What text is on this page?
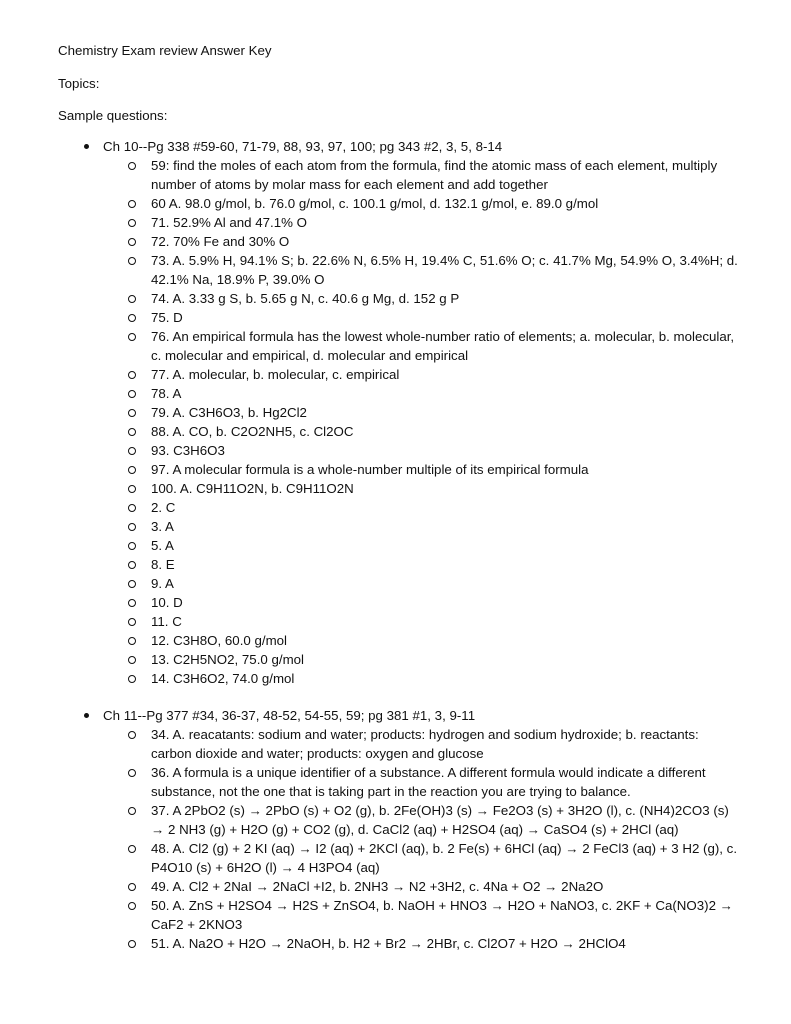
Chemistry Exam review Answer Key

Topics:

Sample questions:

Ch 10--Pg 338 #59-60, 71-79, 88, 93, 97, 100; pg 343 #2, 3, 5, 8-14
59: find the moles of each atom from the formula, find the atomic mass of each element, multiply number of atoms by molar mass for each element and add together
60 A. 98.0 g/mol, b. 76.0 g/mol, c. 100.1 g/mol, d. 132.1 g/mol, e. 89.0 g/mol
71. 52.9% Al and 47.1% O
72. 70% Fe and 30% O
73. A. 5.9% H, 94.1% S; b. 22.6% N, 6.5% H, 19.4% C, 51.6% O; c. 41.7% Mg, 54.9% O, 3.4%H; d. 42.1% Na, 18.9% P, 39.0% O
74. A. 3.33 g S, b. 5.65 g N, c. 40.6 g Mg, d. 152 g P
75. D
76. An empirical formula has the lowest whole-number ratio of elements; a. molecular, b. molecular, c. molecular and empirical, d. molecular and empirical
77. A. molecular, b. molecular, c. empirical
78. A
79. A. C3H6O3, b. Hg2Cl2
88. A. CO, b. C2O2NH5, c. Cl2OC
93. C3H6O3
97. A molecular formula is a whole-number multiple of its empirical formula
100. A. C9H11O2N, b. C9H11O2N
2. C
3. A
5. A
8. E
9. A
10. D
11. C
12. C3H8O, 60.0 g/mol
13. C2H5NO2, 75.0 g/mol
14. C3H6O2, 74.0 g/mol
Ch 11--Pg 377 #34, 36-37, 48-52, 54-55, 59; pg 381 #1, 3, 9-11
34. A. reacatants: sodium and water; products: hydrogen and sodium hydroxide; b. reactants: carbon dioxide and water; products: oxygen and glucose
36. A formula is a unique identifier of a substance. A different formula would indicate a different substance, not the one that is taking part in the reaction you are trying to balance.
37. A 2PbO2 (s) → 2PbO (s) + O2 (g), b. 2Fe(OH)3 (s) → Fe2O3 (s) + 3H2O (l), c. (NH4)2CO3 (s) → 2 NH3 (g) + H2O (g) + CO2 (g), d. CaCl2 (aq) + H2SO4 (aq) → CaSO4 (s) + 2HCl (aq)
48. A. Cl2 (g) + 2 KI (aq) → I2 (aq) + 2KCl (aq), b. 2 Fe(s) + 6HCl (aq) → 2 FeCl3 (aq) + 3 H2 (g), c. P4O10 (s) + 6H2O (l) → 4 H3PO4 (aq)
49. A. Cl2 + 2NaI → 2NaCl +I2, b. 2NH3 → N2 +3H2, c. 4Na + O2 → 2Na2O
50. A. ZnS + H2SO4 → H2S + ZnSO4, b. NaOH + HNO3 → H2O + NaNO3, c. 2KF + Ca(NO3)2 → CaF2 + 2KNO3
51. A. Na2O + H2O → 2NaOH, b. H2 + Br2 → 2HBr, c. Cl2O7 + H2O → 2HClO4
